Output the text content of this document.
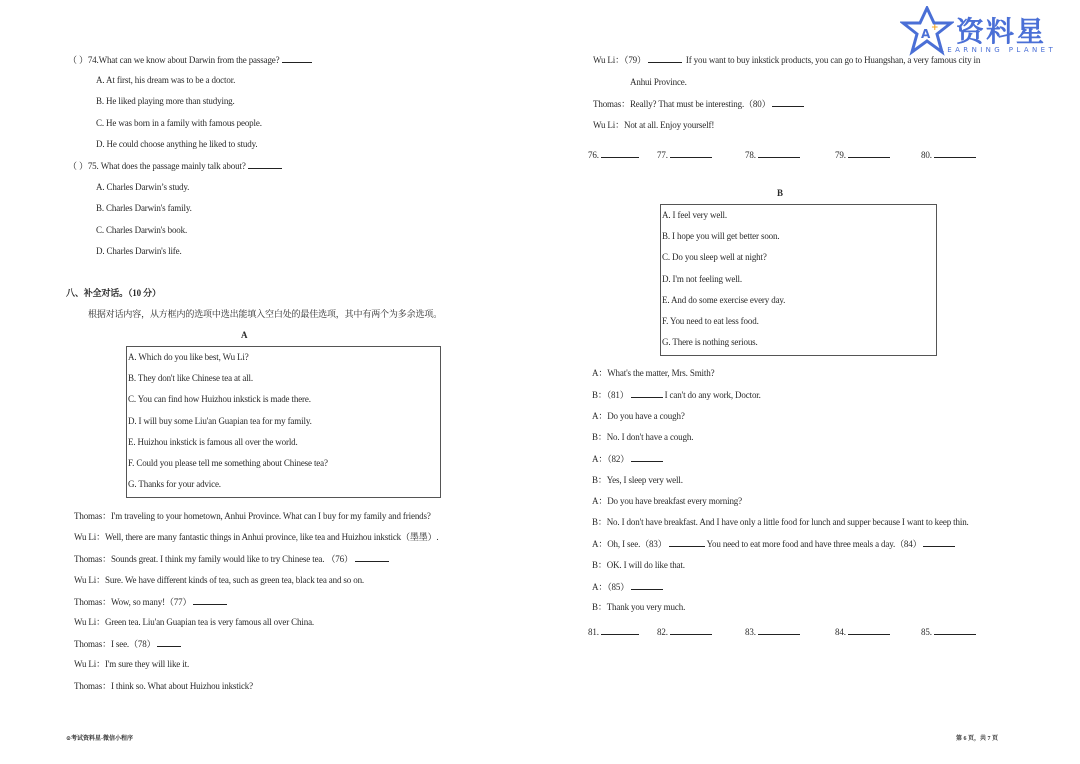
（ ）74.What can we know about Darwin from the passage?
（ ）75. What does the passage mainly talk about?
八、补全对话。（10 分）
根据对话内容，从方框内的选项中选出能填入空白处的最佳选项，其中有两个为多余选项。
A
A. Which do you like best, Wu Li?
B. They don't like Chinese tea at all.
C. You can find how Huizhou inkstick is made there.
D. I will buy some Liu'an Guapian tea for my family.
E. Huizhou inkstick is famous all over the world.
F. Could you please tell me something about Chinese tea?
G. Thanks for your advice.
⊙考试资料星-微信小程序
A. At first, his dream was to be a doctor.
B. He liked playing more than studying.
C. He was born in a family with famous people.
D. He could choose anything he liked to study.
A. Charles Darwin’s study.
B. Charles Darwin's family.
C. Charles Darwin's book.
D. Charles Darwin's life.
Thomas：I'm traveling to your hometown, Anhui Province. What can I buy for my family and friends?
Wu Li：Well, there are many fantastic things in Anhui province, like tea and Huizhou inkstick（墨墨）.
Thomas：Sounds great. I think my family would like to try Chinese tea. （76）
Wu Li：Sure. We have different kinds of tea, such as green tea, black tea and so on.
Thomas：Wow, so many!（77）
Wu Li：Green tea. Liu'an Guapian tea is very famous all over China.
Thomas：I see.（78）
Wu Li：I'm sure they will like it.
Thomas：I think so. What about Huizhou inkstick?
Wu Li：（79）	If you want to buy inkstick products, you can go to Huangshan, a very famous city in
Anhui Province.
Thomas：Really? That must be interesting.（80）
Wu Li：Not at all. Enjoy yourself!
B
A. I feel very well.
B. I hope you will get better soon.
C. Do you sleep well at night?
D. I'm not feeling well.
E. And do some exercise every day.
F. You need to eat less food.
G. There is nothing serious.
第 6 页，共 7 页
76.	77.	78.	79.	80.
A：What's the matter, Mrs. Smith?
B：（81）	I can't do any work, Doctor.
A：Do you have a cough?
B：No. I don't have a cough.
A：（82）
B：Yes, I sleep very well.
A：Do you have breakfast every morning?
B：No. I don't have breakfast. And I have only a little food for lunch and supper because I want to keep thin.
A：Oh, I see.（83）	You need to eat more food and have three meals a day.（84）
B：OK. I will do like that.
A：（85）
B：Thank you very much.
81.	82.	83.	84.	85.
A + 资料星
LEARNING PLANET
